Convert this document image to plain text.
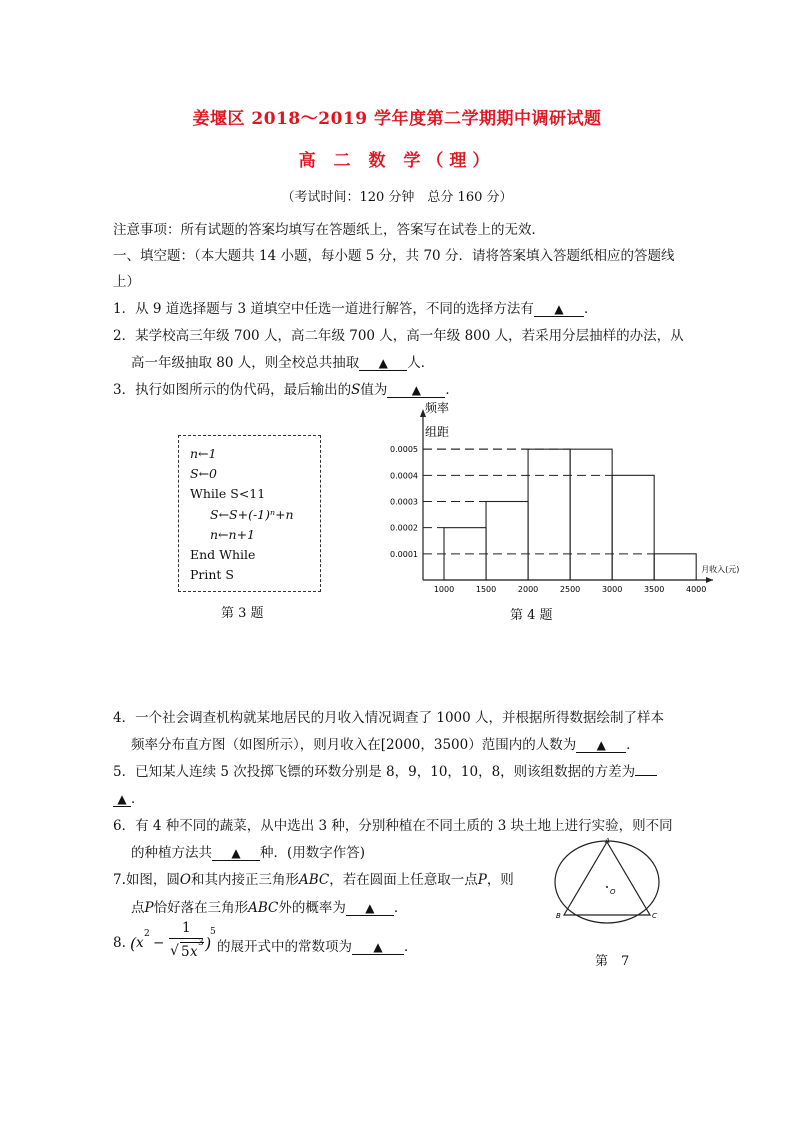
姜堰区 2018～2019 学年度第二学期期中调研试题
高 二 数 学（理）
（考试时间：120 分钟　总分 160 分）
注意事项：所有试题的答案均填写在答题纸上，答案写在试卷上的无效．
一、填空题：（本大题共 14 小题，每小题 5 分，共 70 分．请将答案填入答题纸相应的答题线
上）
1．从 9 道选择题与 3 道填空中任选一道进行解答，不同的选择方法有 ▲ ．
2．某学校高三年级 700 人，高二年级 700 人，高一年级 800 人，若采用分层抽样的办法，从
高一年级抽取 80 人，则全校总共抽取 ▲ 人．
3．执行如图所示的伪代码，最后输出的S值为 ▲ ．
n←1
S←0
While S<11
S←S+(-1)ⁿ+n
n←n+1
End While
Print S
第 3 题
0.0001
0.0002
0.0003
0.0004
0.0005
1000	1500	2000	2500	3000	3500	4000
频率
组距
月收入(元)
第 4 题
4．一个社会调查机构就某地居民的月收入情况调查了 1000 人，并根据所得数据绘制了样本
频率分布直方图（如图所示），则月收入在[2000，3500）范围内的人数为 ▲ ．
5．已知某人连续 5 次投掷飞镖的环数分别是 8，9，10，10，8，则该组数据的方差为
▲ ．
6．有 4 种不同的蔬菜，从中选出 3 种，分别种植在不同土质的 3 块土地上进行实验，则不同
的种植方法共 ▲ 种．(用数字作答)
7.如图，圆O和其内接正三角形ABC，若在圆面上任意取一点P，则
点P恰好落在三角形ABC外的概率为 ▲ ．
A
B	C
O
第　7
8. ( x
2
−
1
√ 5 x
3 )
5
的展开式中的常数项为 ▲ ．
